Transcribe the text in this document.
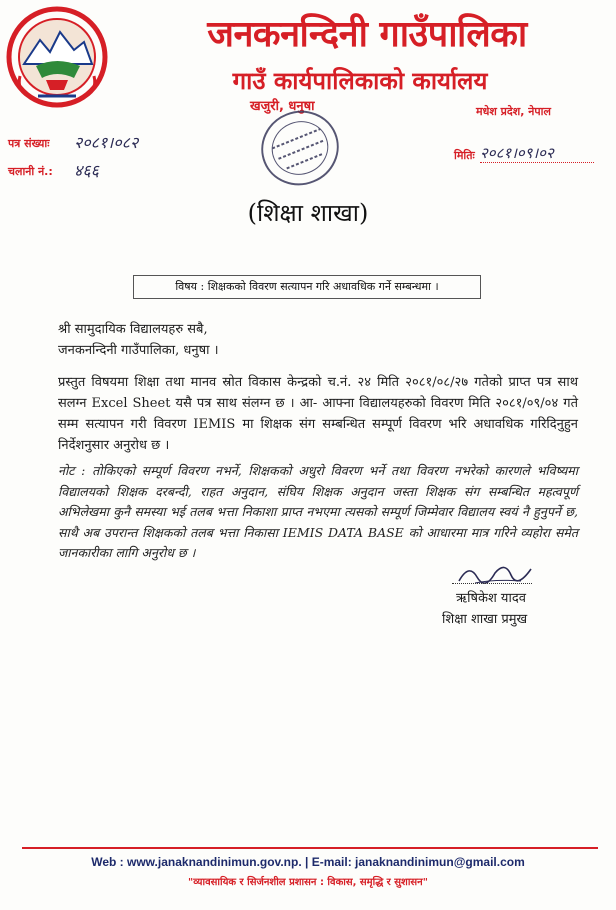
जनकनन्दिनी गाउँपालिका
गाउँ कार्यपालिकाको कार्यालय
खजुरी, धनुषा	मधेश प्रदेश, नेपाल
पत्र संख्याः २०८१।०८२
चलानी नं.: ४६६
मितिः २०८१।०९।०२
(शिक्षा शाखा)
विषय : शिक्षकको विवरण सत्यापन गरि अधावधिक गर्ने सम्बन्धमा ।
श्री सामुदायिक विद्यालयहरु सबै,
जनकनन्दिनी गाउँपालिका, धनुषा ।
प्रस्तुत विषयमा शिक्षा तथा मानव स्रोत विकास केन्द्रको च.नं. २४ मिति २०८१/०८/२७ गतेको प्राप्त पत्र साथ सलग्न Excel Sheet यसै पत्र साथ संलग्न छ । आ- आफ्ना विद्यालयहरुको विवरण मिति २०८१/०९/०४ गते सम्म सत्यापन गरी विवरण IEMIS मा शिक्षक संग सम्बन्धित सम्पूर्ण विवरण भरि अधावधिक गरिदिनुहुन निर्देशनुसार अनुरोध छ ।
नोट : तोकिएको सम्पूर्ण विवरण नभर्ने, शिक्षकको अधुरो विवरण भर्ने तथा विवरण नभरेको कारणले भविष्यमा विद्यालयको शिक्षक दरबन्दी, राहत अनुदान, संघिय शिक्षक अनुदान जस्ता शिक्षक संग सम्बन्धित महत्वपूर्ण अभिलेखमा कुनै समस्या भई तलब भत्ता निकाशा प्राप्त नभएमा त्यसको सम्पूर्ण जिम्मेवार विद्यालय स्वयं नै हुनुपर्ने छ, साथै अब उपरान्त शिक्षकको तलब भत्ता निकासा IEMIS DATA BASE को आधारमा मात्र गरिने व्यहोरा समेत जानकारीका लागि अनुरोध छ ।
ऋषिकेश यादव
शिक्षा शाखा प्रमुख
Web : www.janaknandinimun.gov.np. | E-mail: janaknandinimun@gmail.com
"व्यावसायिक र सिर्जनशील प्रशासन : विकास, समृद्धि र सुशासन"
